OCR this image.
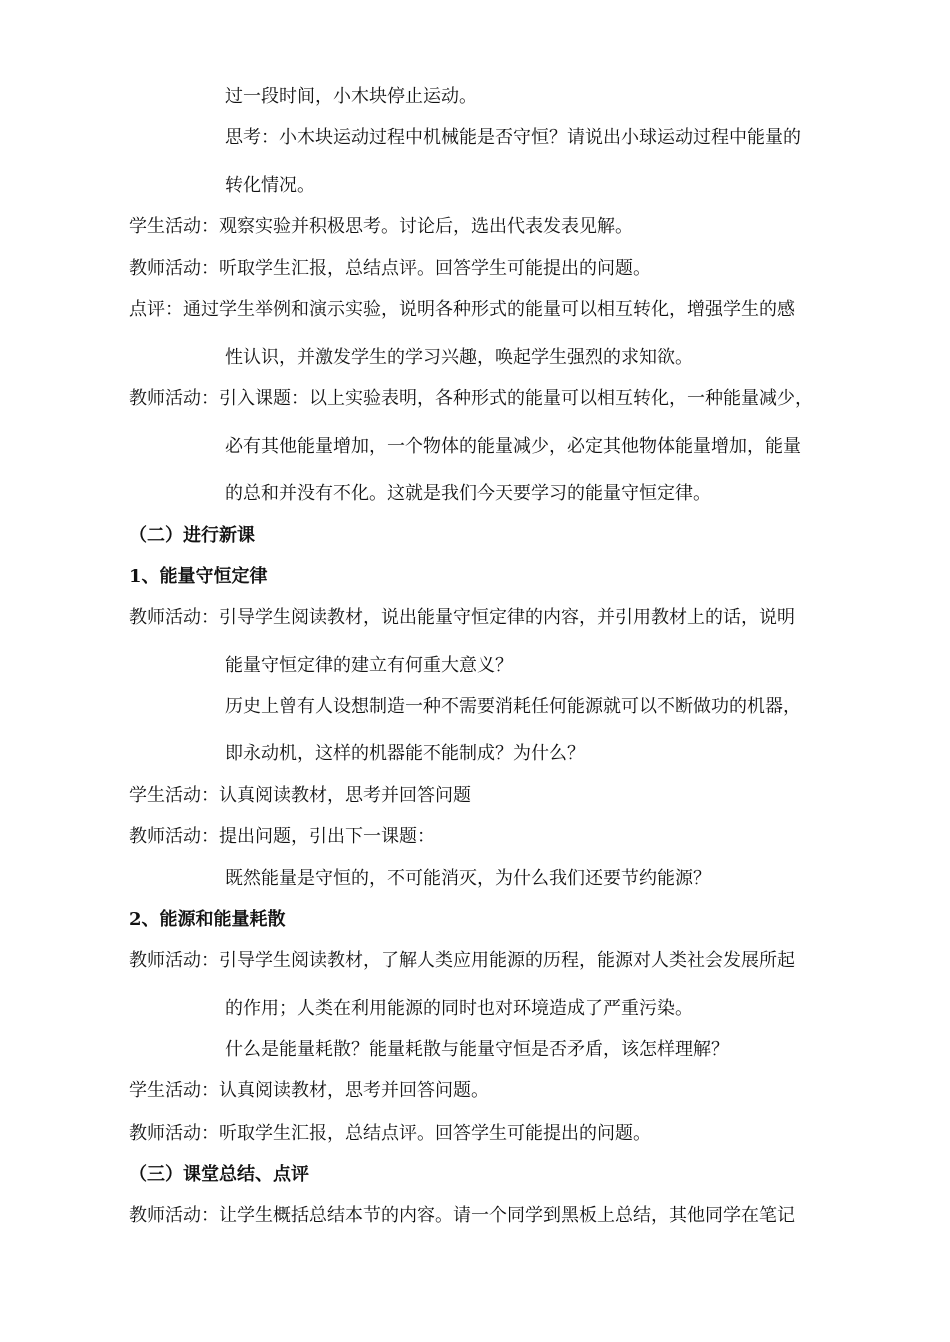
过一段时间，小木块停止运动。
思考：小木块运动过程中机械能是否守恒？请说出小球运动过程中能量的
转化情况。
学生活动：观察实验并积极思考。讨论后，选出代表发表见解。
教师活动：听取学生汇报，总结点评。回答学生可能提出的问题。
点评：通过学生举例和演示实验，说明各种形式的能量可以相互转化，增强学生的感
性认识，并激发学生的学习兴趣，唤起学生强烈的求知欲。
教师活动：引入课题：以上实验表明，各种形式的能量可以相互转化，一种能量减少，
必有其他能量增加，一个物体的能量减少，必定其他物体能量增加，能量
的总和并没有不化。这就是我们今天要学习的能量守恒定律。
（二）进行新课
1、能量守恒定律
教师活动：引导学生阅读教材，说出能量守恒定律的内容，并引用教材上的话，说明
能量守恒定律的建立有何重大意义？
历史上曾有人设想制造一种不需要消耗任何能源就可以不断做功的机器，
即永动机，这样的机器能不能制成？为什么？
学生活动：认真阅读教材，思考并回答问题
教师活动：提出问题，引出下一课题：
既然能量是守恒的，不可能消灭，为什么我们还要节约能源？
2、能源和能量耗散
教师活动：引导学生阅读教材，了解人类应用能源的历程，能源对人类社会发展所起
的作用；人类在利用能源的同时也对环境造成了严重污染。
什么是能量耗散？能量耗散与能量守恒是否矛盾，该怎样理解？
学生活动：认真阅读教材，思考并回答问题。
教师活动：听取学生汇报，总结点评。回答学生可能提出的问题。
（三）课堂总结、点评
教师活动：让学生概括总结本节的内容。请一个同学到黑板上总结，其他同学在笔记
